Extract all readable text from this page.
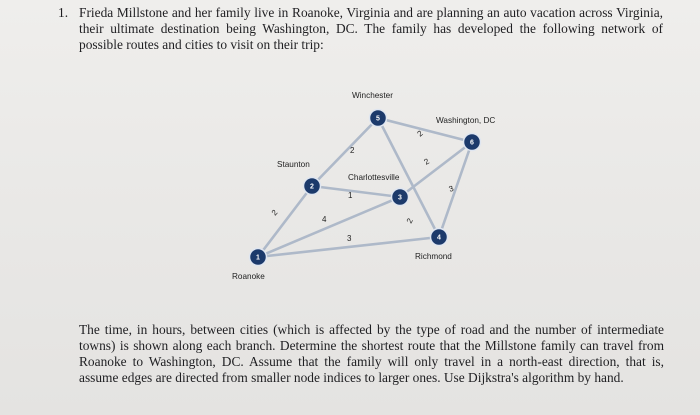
1. Frieda Millstone and her family live in Roanoke, Virginia and are planning an auto vacation across Virginia, their ultimate destination being Washington, DC. The family has developed the following network of possible routes and cities to visit on their trip:
2
4
3
2
1
2
2
2
3
1
2
3
4
5
6
Roanoke
Staunton
Charlottesville
Richmond
Winchester
Washington, DC
The time, in hours, between cities (which is affected by the type of road and the number of intermediate towns) is shown along each branch. Determine the shortest route that the Millstone family can travel from Roanoke to Washington, DC. Assume that the family will only travel in a north-east direction, that is, assume edges are directed from smaller node indices to larger ones. Use Dijkstra's algorithm by hand.
